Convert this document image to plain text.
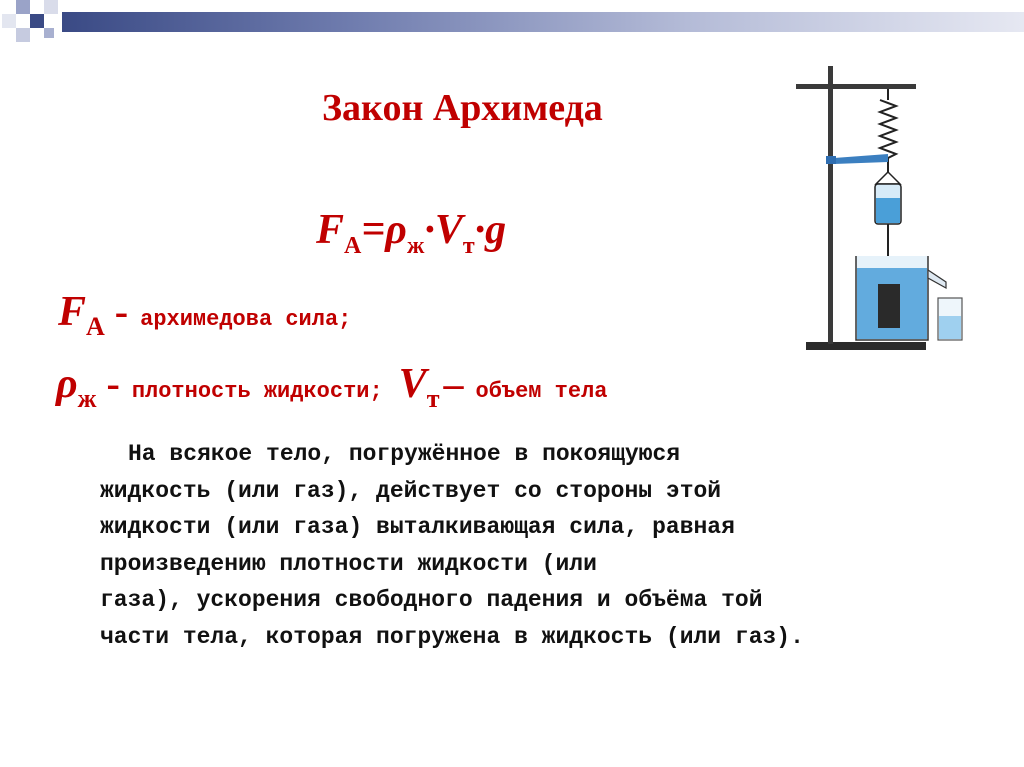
Закон Архимеда
$F_A=\rho_ж\cdot V_т\cdot g$
$F_A$ - архимедова сила;
$\rho_ж$ - плотность жидкости; $V_т$ – объем тела
На всякое тело, погружённое в покоящуюся
жидкость (или газ), действует со стороны этой
жидкости (или газа) выталкивающая сила, равная
произведению плотности жидкости (или
газа), ускорения свободного падения и объёма той
части тела, которая погружена в жидкость (или газ).
